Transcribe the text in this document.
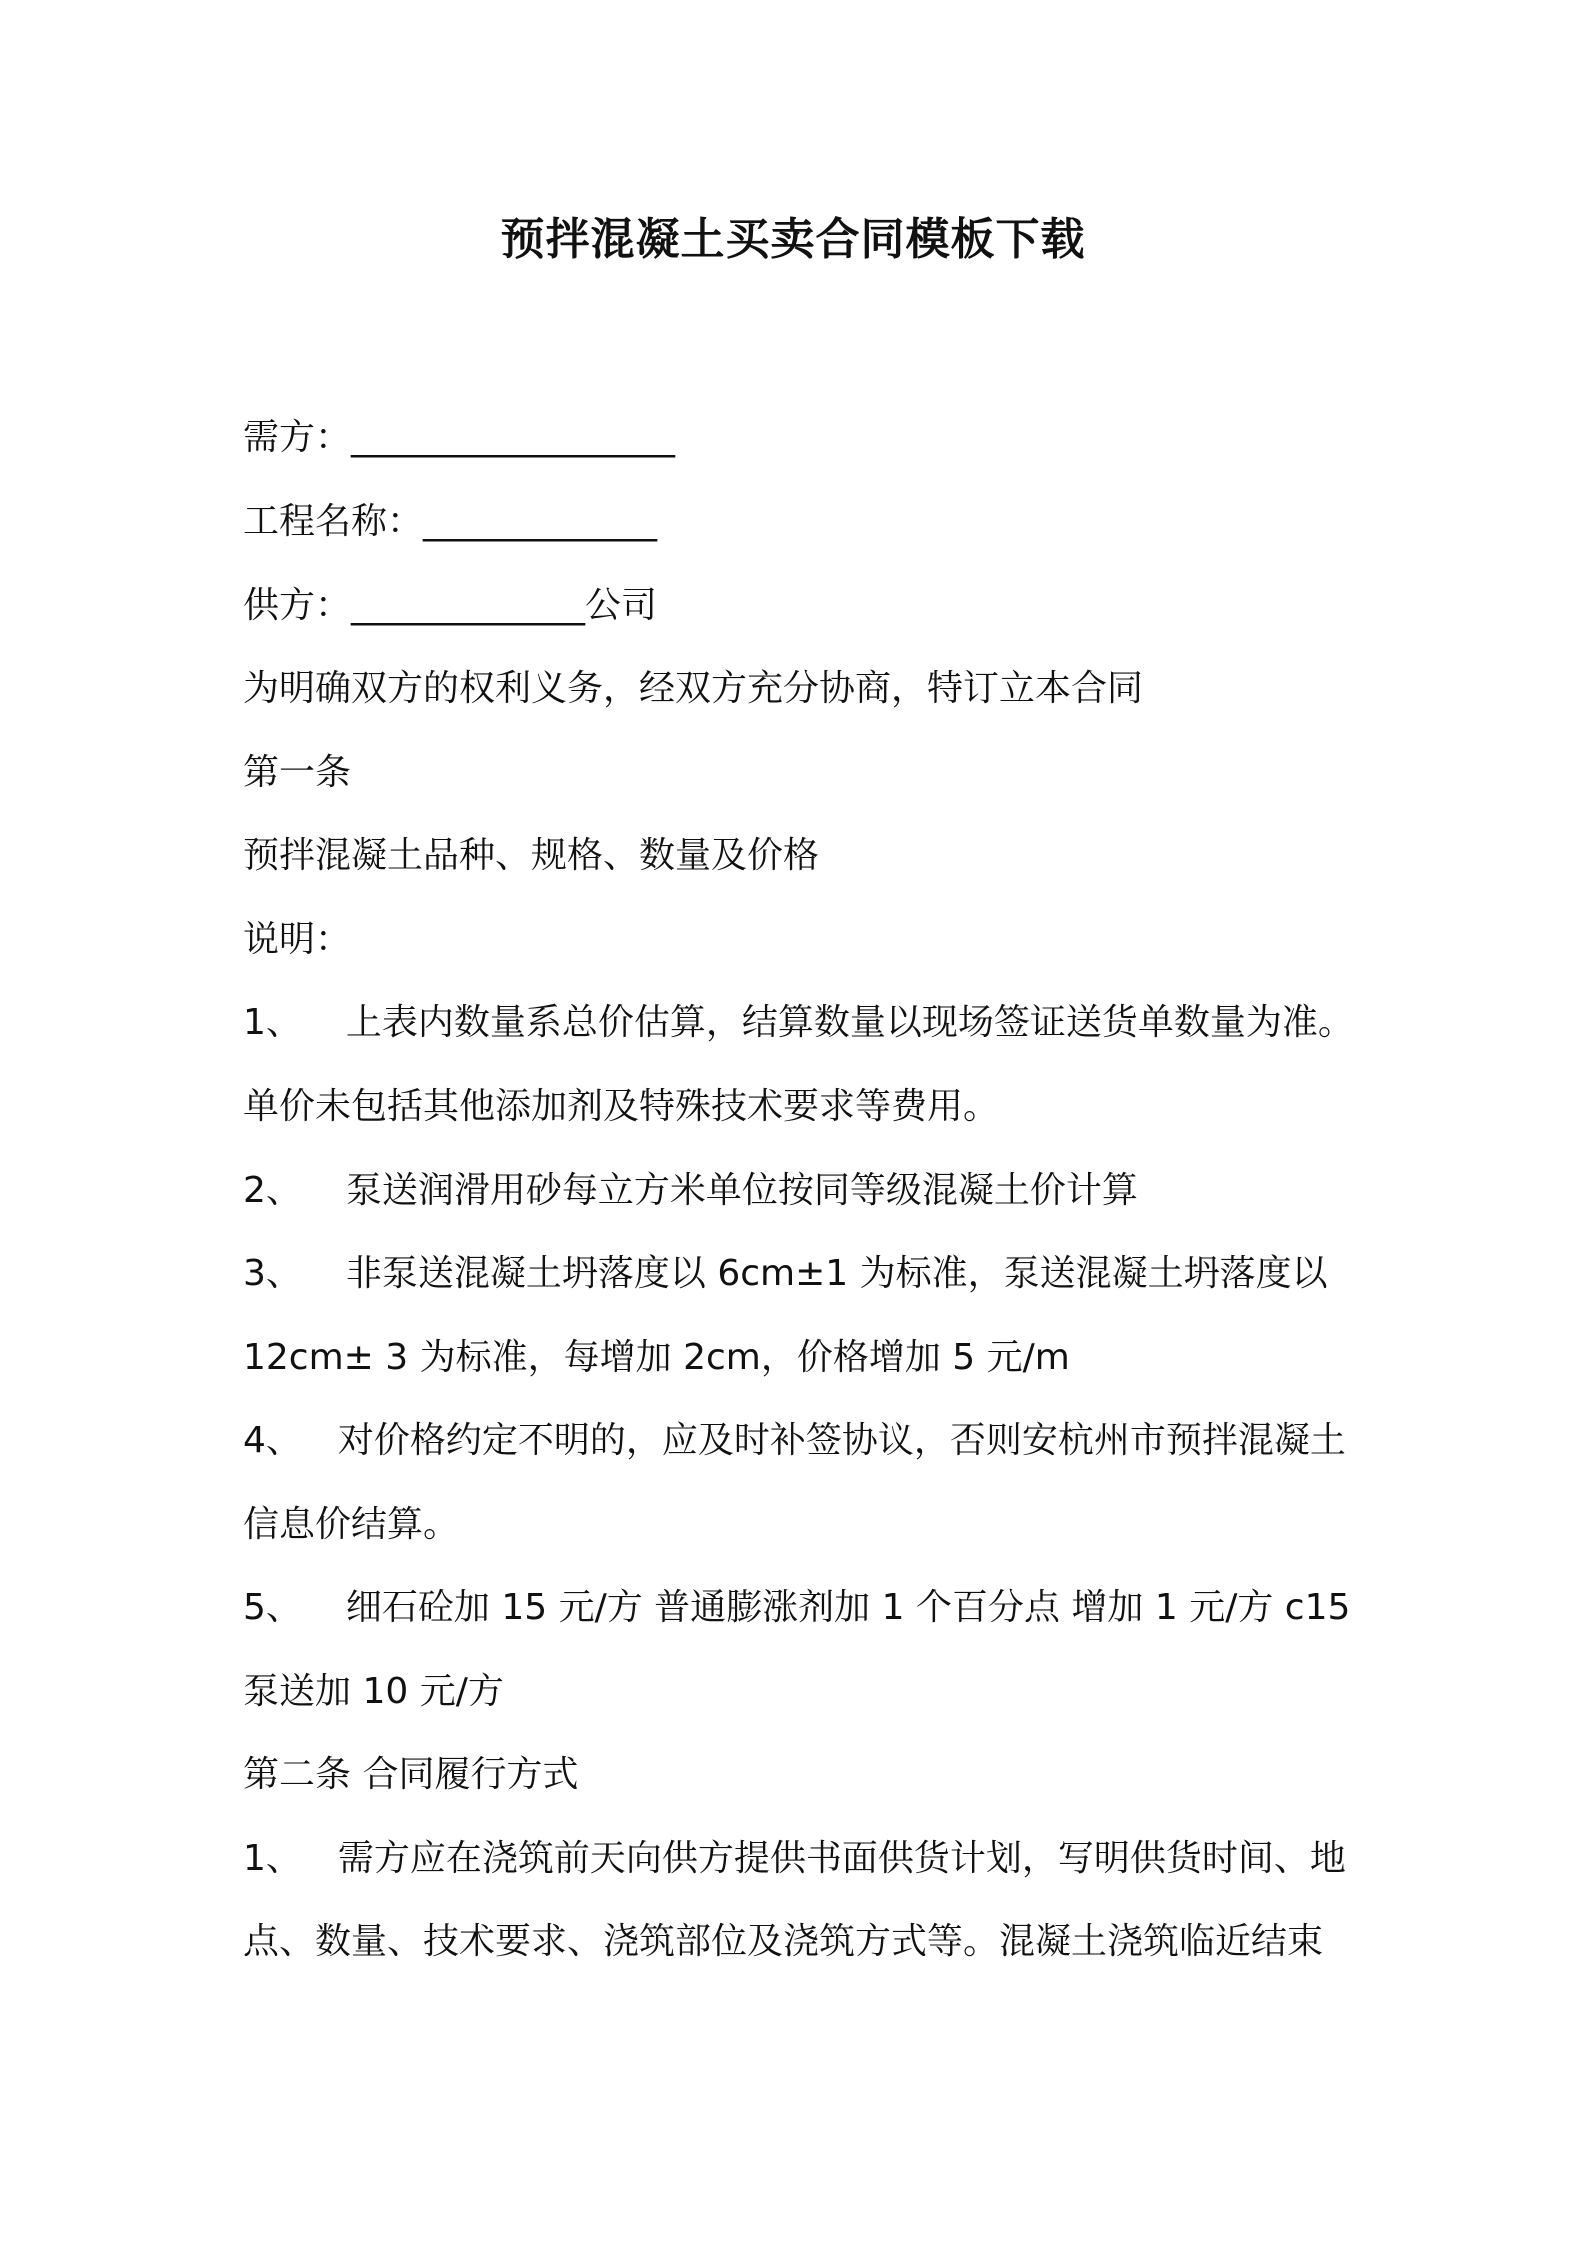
预拌混凝土买卖合同模板下载

需方：__________________

工程名称：_____________

供方：_____________公司

为明确双方的权利义务，经双方充分协商，特订立本合同

第一条

预拌混凝土品种、规格、数量及价格

说明：

1、 上表内数量系总价估算，结算数量以现场签证送货单数量为准。

单价未包括其他添加剂及特殊技术要求等费用。

2、 泵送润滑用砂每立方米单位按同等级混凝土价计算

3、 非泵送混凝土坍落度以 6cm±1 为标准，泵送混凝土坍落度以

12cm± 3 为标准，每增加 2cm，价格增加 5 元/m

4、 对价格约定不明的，应及时补签协议，否则安杭州市预拌混凝土

信息价结算。

5、 细石砼加 15 元/方 普通膨涨剂加 1 个百分点 增加 1 元/方 c15

泵送加 10 元/方

第二条 合同履行方式

1、 需方应在浇筑前天向供方提供书面供货计划，写明供货时间、地

点、数量、技术要求、浇筑部位及浇筑方式等。混凝土浇筑临近结束
